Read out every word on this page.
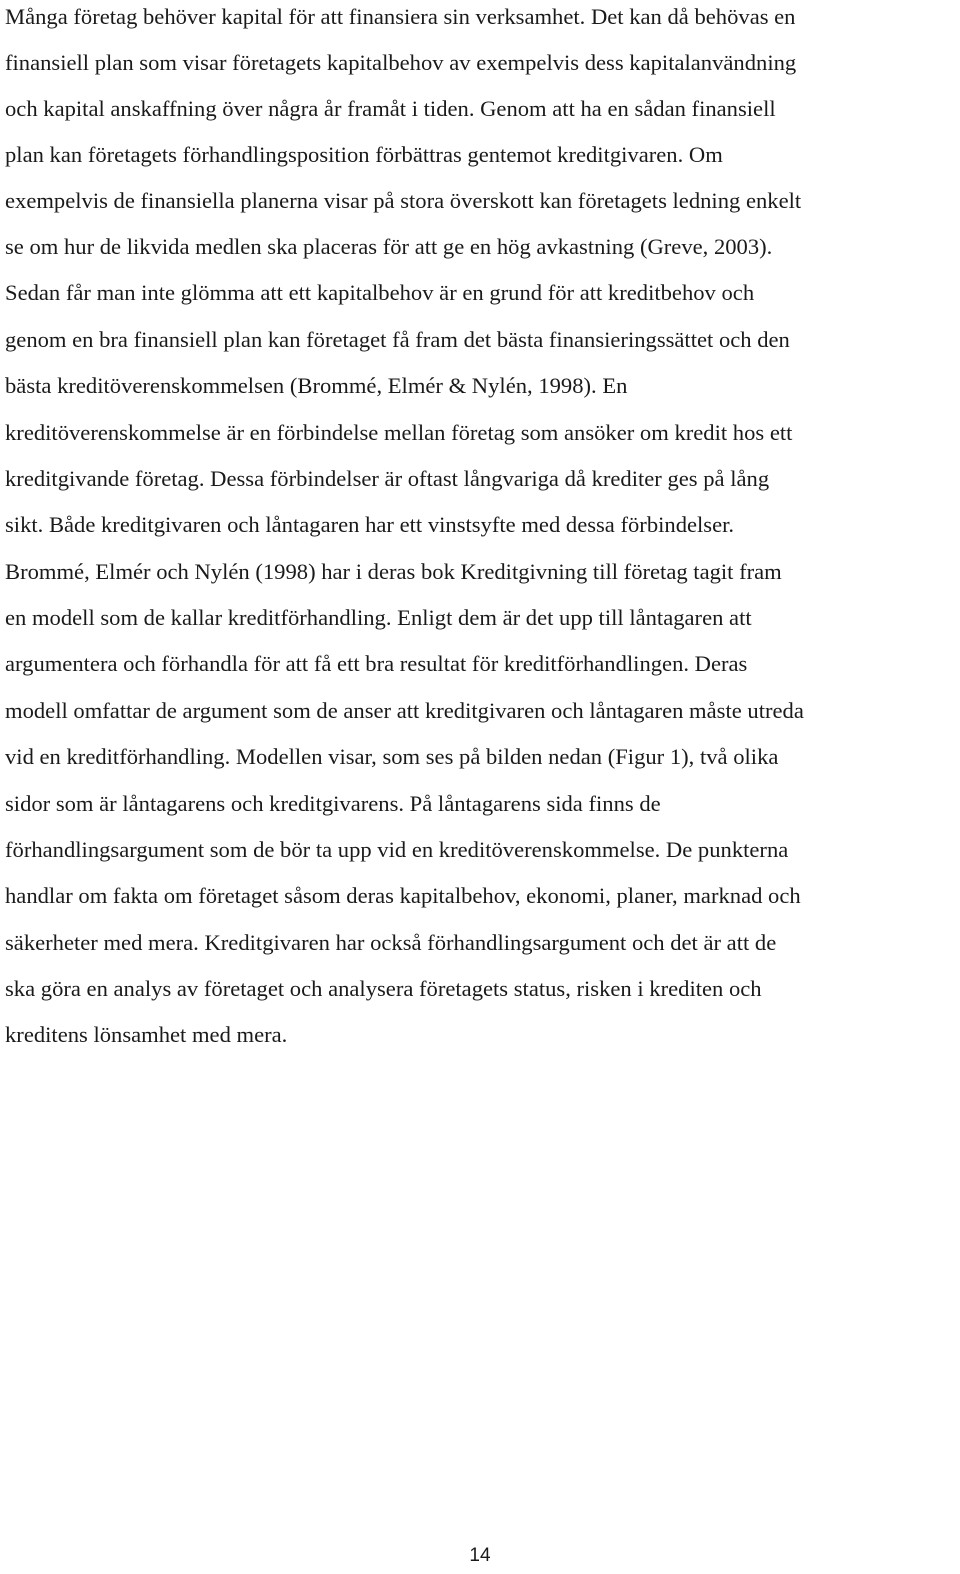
Många företag behöver kapital för att finansiera sin verksamhet. Det kan då behövas en
finansiell plan som visar företagets kapitalbehov av exempelvis dess kapitalanvändning
och kapital anskaffning över några år framåt i tiden. Genom att ha en sådan finansiell
plan kan företagets förhandlingsposition förbättras gentemot kreditgivaren. Om
exempelvis de finansiella planerna visar på stora överskott kan företagets ledning enkelt
se om hur de likvida medlen ska placeras för att ge en hög avkastning (Greve, 2003).
Sedan får man inte glömma att ett kapitalbehov är en grund för att kreditbehov och
genom en bra finansiell plan kan företaget få fram det bästa finansieringssättet och den
bästa kreditöverenskommelsen (Brommé, Elmér & Nylén, 1998). En
kreditöverenskommelse är en förbindelse mellan företag som ansöker om kredit hos ett
kreditgivande företag. Dessa förbindelser är oftast långvariga då krediter ges på lång
sikt. Både kreditgivaren och låntagaren har ett vinstsyfte med dessa förbindelser.
Brommé, Elmér och Nylén (1998) har i deras bok Kreditgivning till företag tagit fram
en modell som de kallar kreditförhandling. Enligt dem är det upp till låntagaren att
argumentera och förhandla för att få ett bra resultat för kreditförhandlingen. Deras
modell omfattar de argument som de anser att kreditgivaren och låntagaren måste utreda
vid en kreditförhandling. Modellen visar, som ses på bilden nedan (Figur 1), två olika
sidor som är låntagarens och kreditgivarens. På låntagarens sida finns de
förhandlingsargument som de bör ta upp vid en kreditöverenskommelse. De punkterna
handlar om fakta om företaget såsom deras kapitalbehov, ekonomi, planer, marknad och
säkerheter med mera. Kreditgivaren har också förhandlingsargument och det är att de
ska göra en analys av företaget och analysera företagets status, risken i krediten och
kreditens lönsamhet med mera.
14
